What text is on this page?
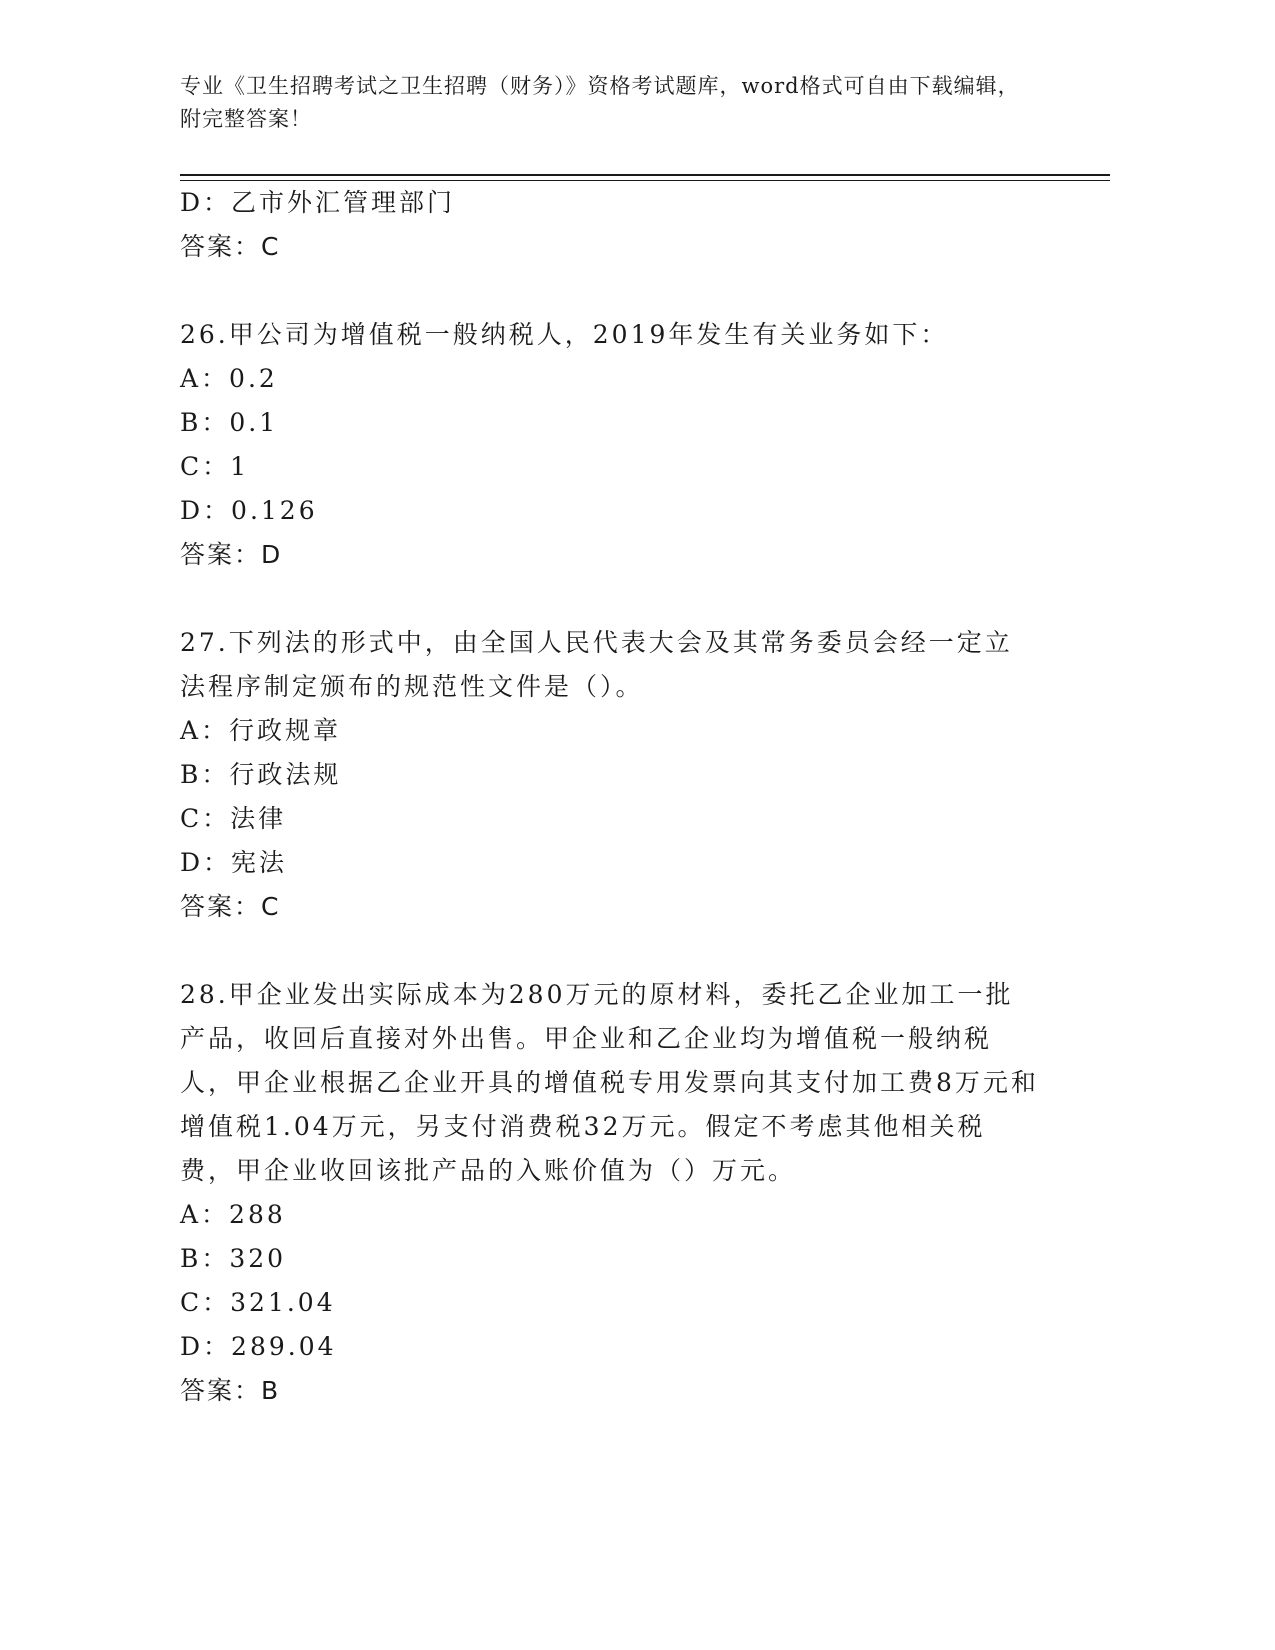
专业《卫生招聘考试之卫生招聘（财务）》资格考试题库，word格式可自由下载编辑，附完整答案！

D：乙市外汇管理部门

答案：C

26.甲公司为增值税一般纳税人，2019年发生有关业务如下：

A：0.2

B：0.1

C：1

D：0.126

答案：D

27.下列法的形式中，由全国人民代表大会及其常务委员会经一定立法程序制定颁布的规范性文件是（）。

A：行政规章

B：行政法规

C：法律

D：宪法

答案：C

28.甲企业发出实际成本为280万元的原材料，委托乙企业加工一批产品，收回后直接对外出售。甲企业和乙企业均为增值税一般纳税人，甲企业根据乙企业开具的增值税专用发票向其支付加工费8万元和增值税1.04万元，另支付消费税32万元。假定不考虑其他相关税费，甲企业收回该批产品的入账价值为（）万元。

A：288

B：320

C：321.04

D：289.04

答案：B
